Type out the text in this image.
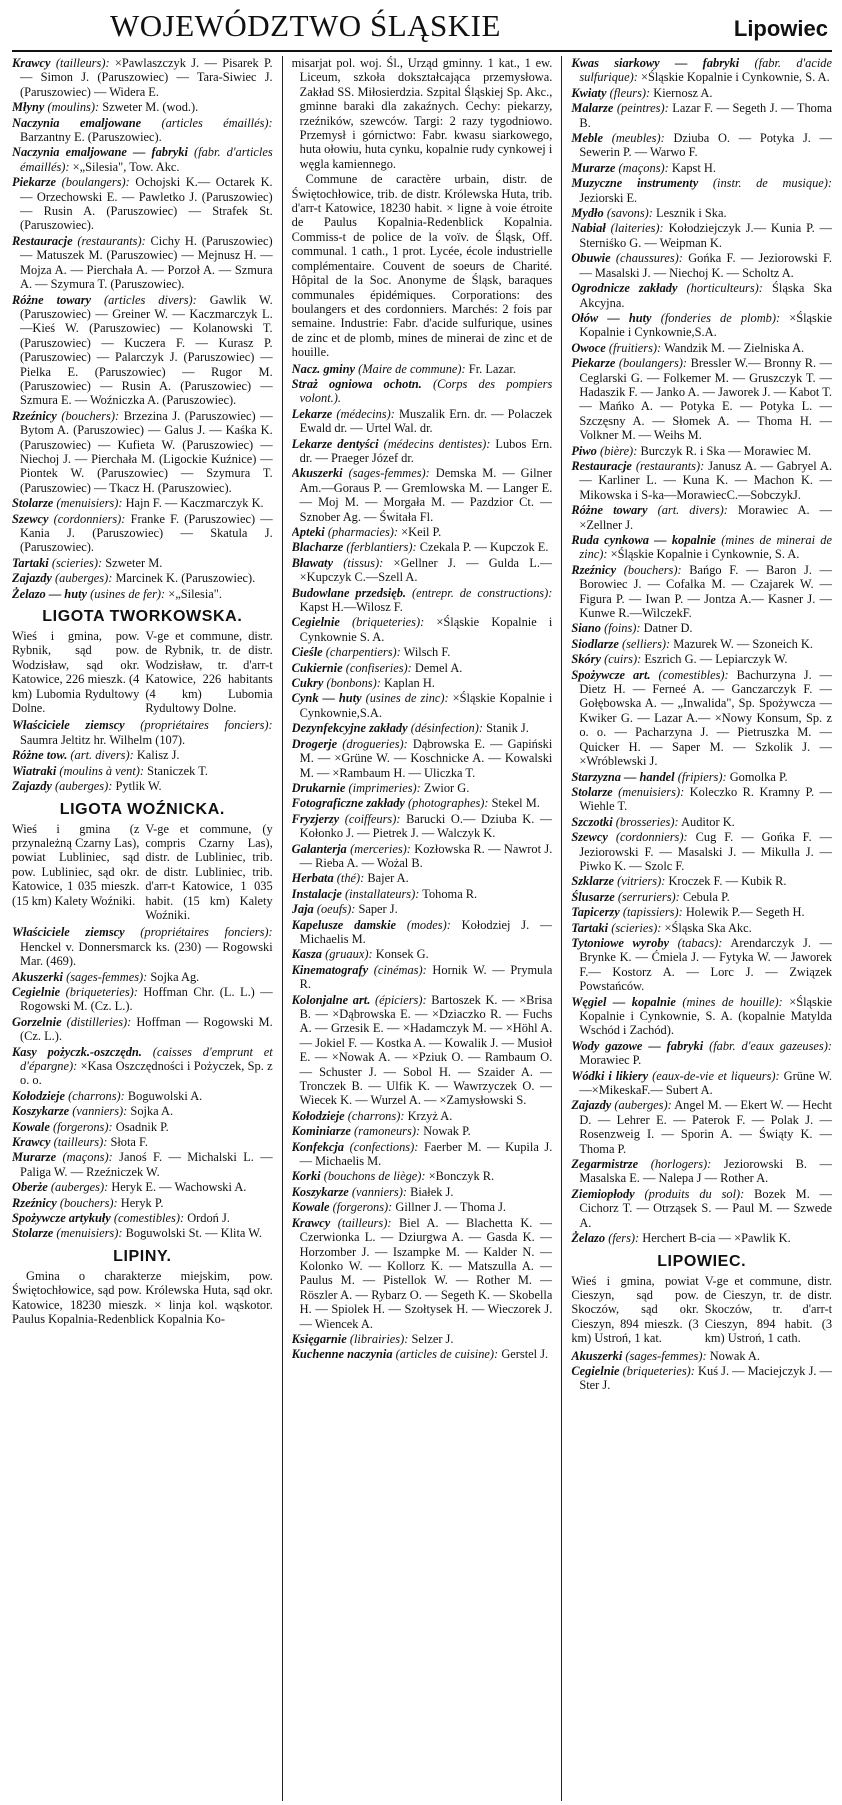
WOJEWÓDZTWO ŚLĄSKIE	Lipowiec
Krawcy (tailleurs): ×Pawlaszczyk J. — Pisarek P. — Simon J. (Paruszowiec) — Tara-Siwiec J. (Paruszowiec) — Widera E.
Młyny (moulins): Szweter M. (wod.).
Naczynia emaljowane (articles émaillés): Barzantny E. (Paruszowiec).
Naczynia emaljowane — fabryki (fabr. d'articles émaillés): ×„Silesia", Tow. Akc.
Piekarze (boulangers): Ochojski K.— Octarek K. — Orzechowski E. — Pawletko J. (Paruszowiec) — Rusin A. (Paruszowiec) — Strafek St. (Paruszowiec).
Restauracje (restaurants): Cichy H. (Paruszowiec) — Matuszek M. (Paruszowiec) — Mejnusz H. — Mojza A. — Pierchała A. — Porzoł A. — Szmura A. — Szymura T. (Paruszowiec).
Różne towary (articles divers): Gawlik W. (Paruszowiec) — Greiner W. — Kaczmarczyk L. —Kieś W. (Paruszowiec) — Kolanowski T. (Paruszowiec) — Kuczera F. — Kurasz P. (Paruszowiec) — Palarczyk J. (Paruszowiec) — Pielka E. (Paruszowiec) — Rugor M. (Paruszowiec) — Rusin A. (Paruszowiec) — Szmura E. — Woźniczka A. (Paruszowiec).
Rzeźnicy (bouchers): Brzezina J. (Paruszowiec) — Bytom A. (Paruszowiec) — Galus J. — Kaśka K. (Paruszowiec) — Kufieta W. (Paruszowiec) — Niechoj J. — Pierchała M. (Ligockie Kuźnice) — Piontek W. (Paruszowiec) — Szymura T. (Paruszowiec) — Tkacz H. (Paruszowiec).
Stolarze (menuisiers): Hajn F. — Kaczmarczyk K.
Szewcy (cordonniers): Franke F. (Paruszowiec) — Kania J. (Paruszowiec) — Skatula J. (Paruszowiec).
Tartaki (scieries): Szweter M.
Zajazdy (auberges): Marcinek K. (Paruszowiec).
Żelazo — huty (usines de fer): ×„Silesia".
LIGOTA TWORKOWSKA.
Wieś i gmina, pow. Rybnik, sąd pow. Wodzisław, sąd okr. Katowice, 226 mieszk. (4 km) Lubomia Rydultowy Dolne.
V-ge et commune, distr. de Rybnik, tr. de distr. Wodzisław, tr. d'arr-t Katowice, 226 habitants (4 km) Lubomia Rydultowy Dolne.
Właściciele ziemscy (propriétaires fonciers): Saumra Jeltitz hr. Wilhelm (107).
Różne tow. (art. divers): Kalisz J.
Wiatraki (moulins à vent): Staniczek T.
Zajazdy (auberges): Pytlik W.
LIGOTA WOŹNICKA.
Wieś i gmina (z przynależną Czarny Las), powiat Lubliniec, sąd pow. Lubliniec, sąd okr. Katowice, 1 035 mieszk. (15 km) Kalety Woźniki.
V-ge et commune, (y compris Czarny Las), distr. de Lubliniec, trib. de distr. Lubliniec, trib. d'arr-t Katowice, 1 035 habit. (15 km) Kalety Woźniki.
Właściciele ziemscy (propriétaires fonciers): Henckel v. Donnersmarck ks. (230) — Rogowski Mar. (469).
Akuszerki (sages-femmes): Sojka Ag.
Cegielnie (briqueteries): Hoffman Chr. (L. L.) — Rogowski M. (Cz. L.).
Gorzelnie (distilleries): Hoffman — Rogowski M. (Cz. L.).
Kasy pożyczk.-oszczędn. (caisses d'emprunt et d'épargne): ×Kasa Oszczędności i Pożyczek, Sp. z o. o.
Kołodzieje (charrons): Boguwolski A.
Koszykarze (vanniers): Sojka A.
Kowale (forgerons): Osadnik P.
Krawcy (tailleurs): Słota F.
Murarze (maçons): Janoś F. — Michalski L. — Paliga W. — Rzeźniczek W.
Oberże (auberges): Heryk E. — Wachowski A.
Rzeźnicy (bouchers): Heryk P.
Spożywcze artykuły (comestibles): Ordoń J.
Stolarze (menuisiers): Boguwolski St. — Klita W.
LIPINY.
Gmina o charakterze miejskim, pow. Świętochłowice, sąd pow. Królewska Huta, sąd okr. Katowice, 18230 mieszk. × linja kol. wąskotor. Paulus Kopalnia-Redenblick Kopalnia Ko-
misarjat pol. woj. Śl., Urząd gminny. 1 kat., 1 ew. Liceum, szkoła dokształcająca przemysłowa. Zakład SS. Miłosierdzia. Szpital Śląskiej Sp. Akc., gminne baraki dla zakaźnych. Cechy: piekarzy, rzeźników, szewców. Targi: 2 razy tygodniowo. Przemysł i górnictwo: Fabr. kwasu siarkowego, huta ołowiu, huta cynku, kopalnie rudy cynkowej i węgla kamiennego.
Commune de caractère urbain, distr. de Świętochłowice, trib. de distr. Królewska Huta, trib. d'arr-t Katowice, 18230 habit. × ligne à voie étroite de Paulus Kopalnia-Redenblick Kopalnia. Commiss-t de police de la voïv. de Śląsk, Off. communal. 1 cath., 1 prot. Lycée, école industrielle complémentaire. Couvent de soeurs de Charité. Hôpital de la Soc. Anonyme de Śląsk, baraques communales épidémiques. Corporations: des boulangers et des cordonniers. Marchés: 2 fois par semaine. Industrie: Fabr. d'acide sulfurique, usines de zinc et de plomb, mines de minerai de zinc et de houille.
Nacz. gminy (Maire de commune): Fr. Lazar.
Straż ogniowa ochotn. (Corps des pompiers volont.).
Lekarze (médecins): Muszalik Ern. dr. — Polaczek Ewald dr. — Urtel Wal. dr.
Lekarze dentyści (médecins dentistes): Lubos Ern. dr. — Praeger Józef dr.
Akuszerki (sages-femmes): Demska M. — Gilner Am.—Goraus P. — Gremlowska M. — Langer E. — Moj M. — Morgała M. — Pazdzior Ct. — Sznober Ag. — Świtała Fl.
Apteki (pharmacies): ×Keil P.
Blacharze (ferblantiers): Czekala P. — Kupczok E.
Bławaty (tissus): ×Gellner J. — Gulda L.—×Kupczyk C.—Szell A.
Budowlane przedsięb. (entrepr. de constructions): Kapst H.—Wilosz F.
Cegielnie (briqueteries): ×Śląskie Kopalnie i Cynkownie S. A.
Cieśle (charpentiers): Wilsch F.
Cukiernie (confiseries): Demel A.
Cukry (bonbons): Kaplan H.
Cynk — huty (usines de zinc): ×Śląskie Kopalnie i Cynkownie,S.A.
Dezynfekcyjne zakłady (désinfection): Stanik J.
Drogerje (drogueries): Dąbrowska E. — Gapiński M. — ×Grüne W. — Koschnicke A. — Kowalski M. — ×Rambaum H. — Uliczka T.
Drukarnie (imprimeries): Zwior G.
Fotograficzne zakłady (photographes): Stekel M.
Fryzjerzy (coiffeurs): Barucki O.— Dziuba K. — Kołonko J. — Pietrek J. — Walczyk K.
Galanterja (merceries): Kozłowska R. — Nawrot J. — Rieba A. — Wożal B.
Herbata (thé): Bajer A.
Instalacje (installateurs): Tohoma R.
Jaja (oeufs): Saper J.
Kapelusze damskie (modes): Kołodziej J. — Michaelis M.
Kasza (gruaux): Konsek G.
Kinematografy (cinémas): Hornik W. — Prymula R.
Kolonjalne art. (épiciers): Bartoszek K. — ×Brisa B. — ×Dąbrowska E. — ×Dziaczko R. — Fuchs A. — Grzesik E. — ×Hadamczyk M. — ×Höhl A. — Jokiel F. — Kostka A. — Kowalik J. — Musioł E. — ×Nowak A. — ×Pziuk O. — Rambaum O. — Schuster J. — Sobol H. — Szaider A. — Tronczek B. — Ulfik K. — Wawrzyczek O. — Wiecek K. — Wurzel A. — ×Zamysłowski S.
Kołodzieje (charrons): Krzyż A.
Kominiarze (ramoneurs): Nowak P.
Konfekcja (confections): Faerber M. — Kupila J. — Michaelis M.
Korki (bouchons de liège): ×Bonczyk R.
Koszykarze (vanniers): Białek J.
Kowale (forgerons): Gillner J. — Thoma J.
Krawcy (tailleurs): Biel A. — Blachetta K. — Czerwionka L. — Dziurgwa A. — Gasda K. — Horzomber J. — Iszampke M. — Kalder N. — Kolonko W. — Kollorz K. — Matszulla A. — Paulus M. — Pistellok W. — Rother M. — Röszler A. — Rybarz O. — Segeth K. — Skobella H. — Spiolek H. — Szołtysek H. — Wieczorek J. — Wiencek A.
Księgarnie (librairies): Selzer J.
Kuchenne naczynia (articles de cuisine): Gerstel J.
Kwas siarkowy — fabryki (fabr. d'acide sulfurique): ×Śląskie Kopalnie i Cynkownie, S. A.
Kwiaty (fleurs): Kiernosz A.
Malarze (peintres): Lazar F. — Segeth J. — Thoma B.
Meble (meubles): Dziuba O. — Potyka J. — Sewerin P. — Warwo F.
Murarze (maçons): Kapst H.
Muzyczne instrumenty (instr. de musique): Jeziorski E.
Mydło (savons): Lesznik i Ska.
Nabiał (laiteries): Kołodziejczyk J.— Kunia P. — Sterniśko G. — Weipman K.
Obuwie (chaussures): Gońka F. — Jeziorowski F. — Masalski J. — Niechoj K. — Scholtz A.
Ogrodnicze zakłady (horticulteurs): Śląska Ska Akcyjna.
Ołów — huty (fonderies de plomb): ×Śląskie Kopalnie i Cynkownie,S.A.
Owoce (fruitiers): Wandzik M. — Zielniska A.
Piekarze (boulangers): Bressler W.— Bronny R. — Ceglarski G. — Folkemer M. — Gruszczyk T. — Hadaszik F. — Janko A. — Jaworek J. — Kabot T. — Mańko A. — Potyka E. — Potyka L. — Szczęsny A. — Słomek A. — Thoma H. — Volkner M. — Weihs M.
Piwo (bière): Burczyk R. i Ska — Morawiec M.
Restauracje (restaurants): Janusz A. — Gabryel A. — Karliner L. — Kuna K. — Machon K. — Mikowska i S-ka—MorawiecC.—SobczykJ.
Różne towary (art. divers): Morawiec A. — ×Zellner J.
Ruda cynkowa — kopalnie (mines de minerai de zinc): ×Śląskie Kopalnie i Cynkownie, S. A.
Rzeźnicy (bouchers): Bańgo F. — Baron J. — Borowiec J. — Cofalka M. — Czajarek W. — Figura P. — Iwan P. — Jontza A.— Kasner J. — Kunwe R.—WilczekF.
Siano (foins): Datner D.
Siodlarze (selliers): Mazurek W. — Szoneich K.
Skóry (cuirs): Eszrich G. — Lepiarczyk W.
Spożywcze art. (comestibles): Bachurzyna J. — Dietz H. — Ferneé A. — Ganczarczyk F. — Gołębowska A. — „Inwalida", Sp. Spożywcza — Kwiker G. — Lazar A.— ×Nowy Konsum, Sp. z o. o. — Pacharzyna J. — Pietruszka M. — Quicker H. — Saper M. — Szkolik J. — ×Wróblewski J.
Starzyzna — handel (fripiers): Gomolka P.
Stolarze (menuisiers): Koleczko R. Kramny P. — Wiehle T.
Szczotki (brosseries): Auditor K.
Szewcy (cordonniers): Cug F. — Gońka F. — Jeziorowski F. — Masalski J. — Mikulla J. — Piwko K. — Szolc F.
Szklarze (vitriers): Kroczek F. — Kubik R.
Ślusarze (serruriers): Cebula P.
Tapicerzy (tapissiers): Holewik P.— Segeth H.
Tartaki (scieries): ×Śląska Ska Akc.
Tytoniowe wyroby (tabacs): Arendarczyk J. — Brynke K. — Ćmiela J. — Fytyka W. — Jaworek F.— Kostorz A. — Lorc J. — Związek Powstańców.
Węgiel — kopalnie (mines de houille): ×Śląskie Kopalnie i Cynkownie, S. A. (kopalnie Matylda Wschód i Zachód).
Wody gazowe — fabryki (fabr. d'eaux gazeuses): Morawiec P.
Wódki i likiery (eaux-de-vie et liqueurs): Grüne W.—×MikeskaF.— Subert A.
Zajazdy (auberges): Angel M. — Ekert W. — Hecht D. — Lehrer E. — Paterok F. — Polak J. — Rosenzweig I. — Sporin A. — Świąty K. — Thoma P.
Zegarmistrze (horlogers): Jeziorowski B. — Masalska E. — Nalepa J — Rother A.
Ziemiopłody (produits du sol): Bozek M. — Cichorz T. — Otrząsek S. — Paul M. — Szwede A.
Żelazo (fers): Herchert B-cia — ×Pawlik K.
LIPOWIEC.
Wieś i gmina, powiat Cieszyn, sąd pow. Skoczów, sąd okr. Cieszyn, 894 mieszk. (3 km) Ustroń, 1 kat.
V-ge et commune, distr. de Cieszyn, tr. de distr. Skoczów, tr. d'arr-t Cieszyn, 894 habit. (3 km) Ustroń, 1 cath.
Akuszerki (sages-femmes): Nowak A.
Cegielnie (briqueteries): Kuś J. — Maciejczyk J. — Ster J.
